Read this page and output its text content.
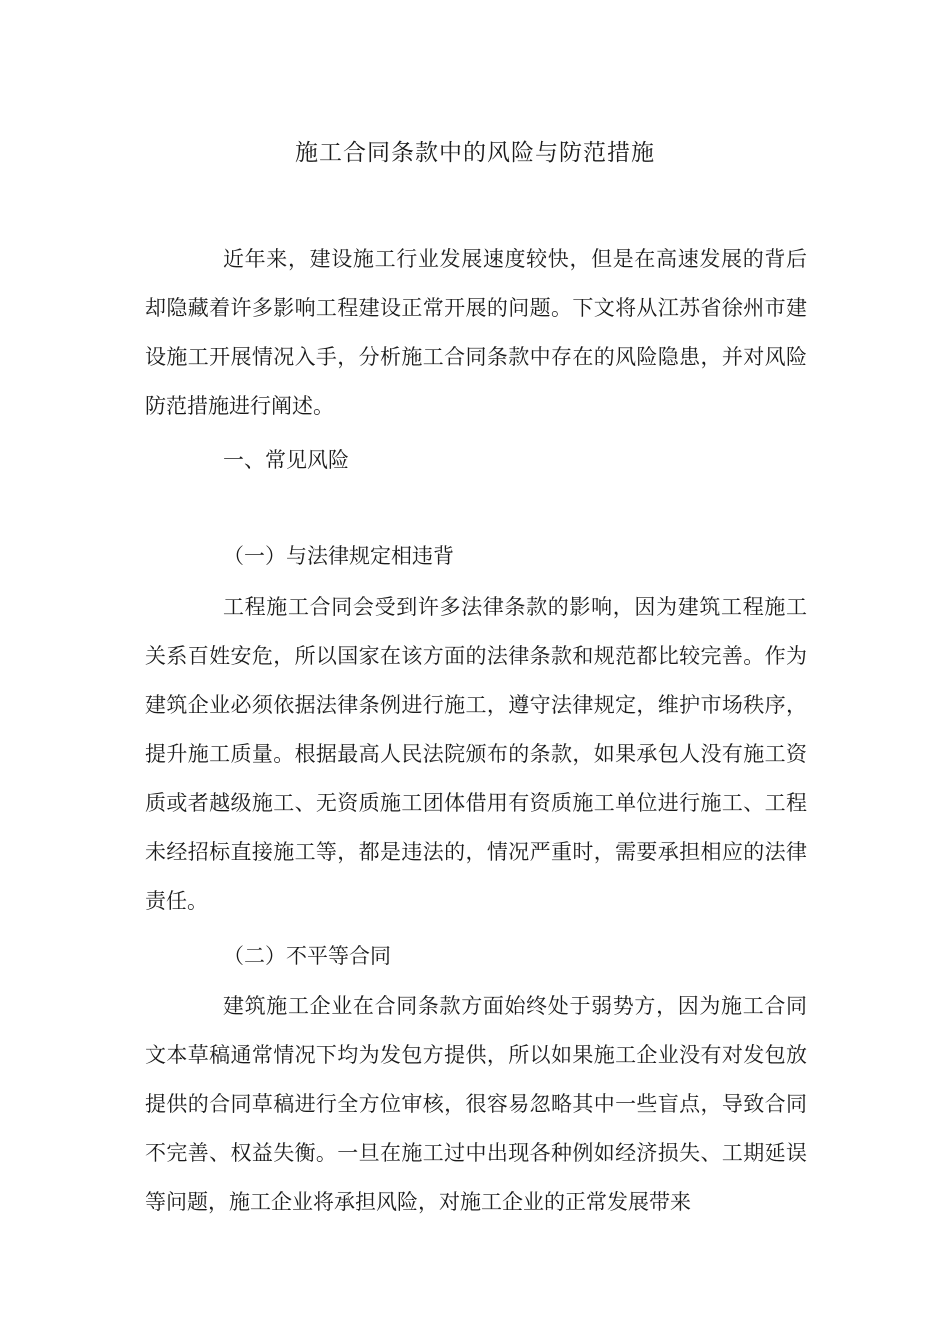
施工合同条款中的风险与防范措施
近年来，建设施工行业发展速度较快，但是在高速发展的背后却隐藏着许多影响工程建设正常开展的问题。下文将从江苏省徐州市建设施工开展情况入手，分析施工合同条款中存在的风险隐患，并对风险防范措施进行阐述。
一、常见风险
（一）与法律规定相违背
工程施工合同会受到许多法律条款的影响，因为建筑工程施工关系百姓安危，所以国家在该方面的法律条款和规范都比较完善。作为建筑企业必须依据法律条例进行施工，遵守法律规定，维护市场秩序，提升施工质量。根据最高人民法院颁布的条款，如果承包人没有施工资质或者越级施工、无资质施工团体借用有资质施工单位进行施工、工程未经招标直接施工等，都是违法的，情况严重时，需要承担相应的法律责任。
（二）不平等合同
建筑施工企业在合同条款方面始终处于弱势方，因为施工合同文本草稿通常情况下均为发包方提供，所以如果施工企业没有对发包放提供的合同草稿进行全方位审核，很容易忽略其中一些盲点，导致合同不完善、权益失衡。一旦在施工过中出现各种例如经济损失、工期延误等问题，施工企业将承担风险，对施工企业的正常发展带来
